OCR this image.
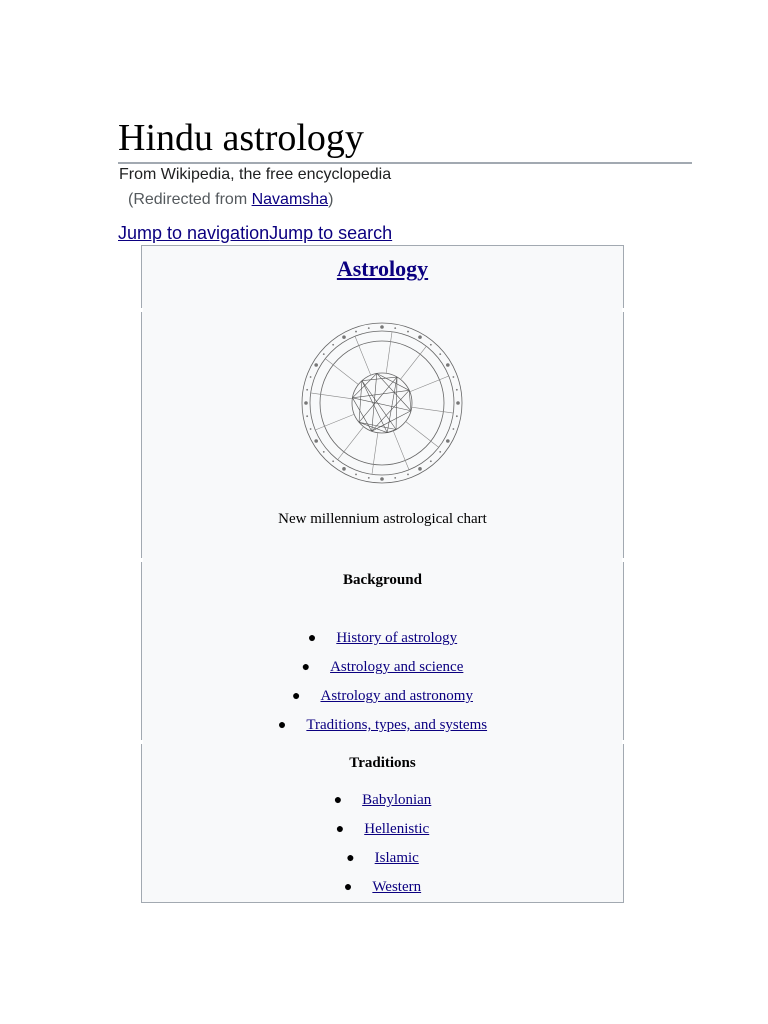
Hindu astrology
From Wikipedia, the free encyclopedia
(Redirected from Navamsha)
Jump to navigationJump to search
Astrology
New millennium astrological chart
Background
● History of astrology
● Astrology and science
● Astrology and astronomy
● Traditions, types, and systems
Traditions
● Babylonian
● Hellenistic
● Islamic
● Western
